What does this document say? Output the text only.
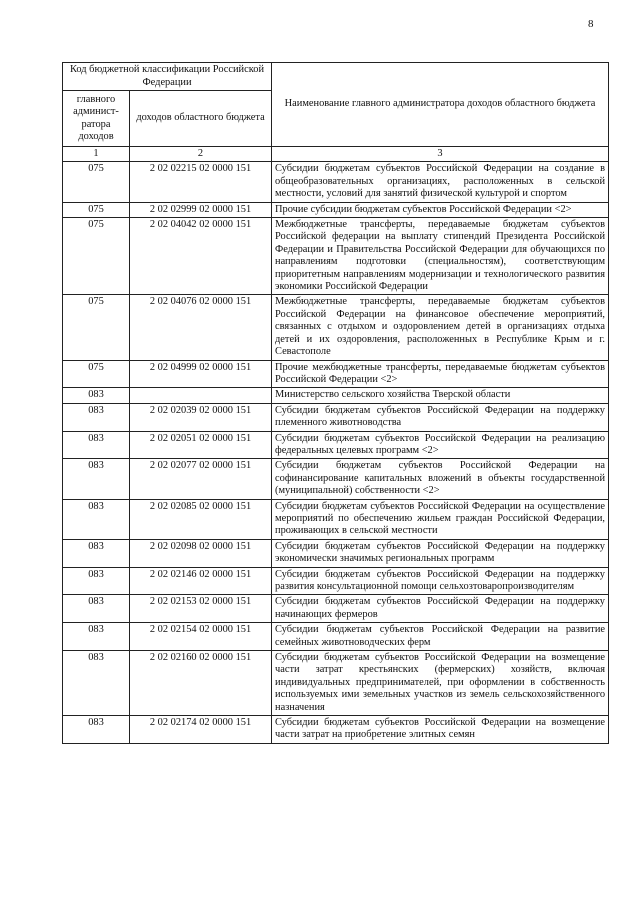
8
Код бюджетной классификации Российской Федерации		Наименование главного администратора доходов областного бюджета
главного админист-ратора доходов	доходов областного бюджета	
1	2	3
075	2 02 02215 02 0000 151	Субсидии бюджетам субъектов Российской Федерации на создание в общеобразовательных организациях, расположенных в сельской местности, условий для занятий физической культурой и спортом
075	2 02 02999 02 0000 151	Прочие субсидии бюджетам субъектов Российской Федерации <2>
075	2 02 04042 02 0000 151	Межбюджетные трансферты, передаваемые бюджетам субъектов Российской федерации на выплату стипендий Президента Российской Федерации и Правительства Российской Федерации для обучающихся по направлениям подготовки (специальностям), соответствующим приоритетным направлениям модернизации и технологического развития экономики Российской Федерации
075	2 02 04076 02 0000 151	Межбюджетные трансферты, передаваемые бюджетам субъектов Российской Федерации на финансовое обеспечение мероприятий, связанных с отдыхом и оздоровлением детей в организациях отдыха детей и их оздоровления, расположенных в Республике Крым и г. Севастополе
075	2 02 04999 02 0000 151	Прочие межбюджетные трансферты, передаваемые бюджетам субъектов Российской Федерации <2>
083		Министерство сельского хозяйства Тверской области
083	2 02 02039 02 0000 151	Субсидии бюджетам субъектов Российской Федерации на поддержку племенного животноводства
083	2 02 02051 02 0000 151	Субсидии бюджетам субъектов Российской Федерации на реализацию федеральных целевых программ <2>
083	2 02 02077 02 0000 151	Субсидии бюджетам субъектов Российской Федерации на софинансирование капитальных вложений в объекты государственной (муниципальной) собственности <2>
083	2 02 02085 02 0000 151	Субсидии бюджетам субъектов Российской Федерации на осуществление мероприятий по обеспечению жильем граждан Российской Федерации, проживающих в сельской местности
083	2 02 02098 02 0000 151	Субсидии бюджетам субъектов Российской Федерации на поддержку экономически значимых региональных программ
083	2 02 02146 02 0000 151	Субсидии бюджетам субъектов Российской Федерации на поддержку развития консультационной помощи сельхозтоваропроизводителям
083	2 02 02153 02 0000 151	Субсидии бюджетам субъектов Российской Федерации на поддержку начинающих фермеров
083	2 02 02154 02 0000 151	Субсидии бюджетам субъектов Российской Федерации на развитие семейных животноводческих ферм
083	2 02 02160 02 0000 151	Субсидии бюджетам субъектов Российской Федерации на возмещение части затрат крестьянских (фермерских) хозяйств, включая индивидуальных предпринимателей, при оформлении в собственность используемых ими земельных участков из земель сельскохозяйственного назначения
083	2 02 02174 02 0000 151	Субсидии бюджетам субъектов Российской Федерации на возмещение части затрат на приобретение элитных семян
